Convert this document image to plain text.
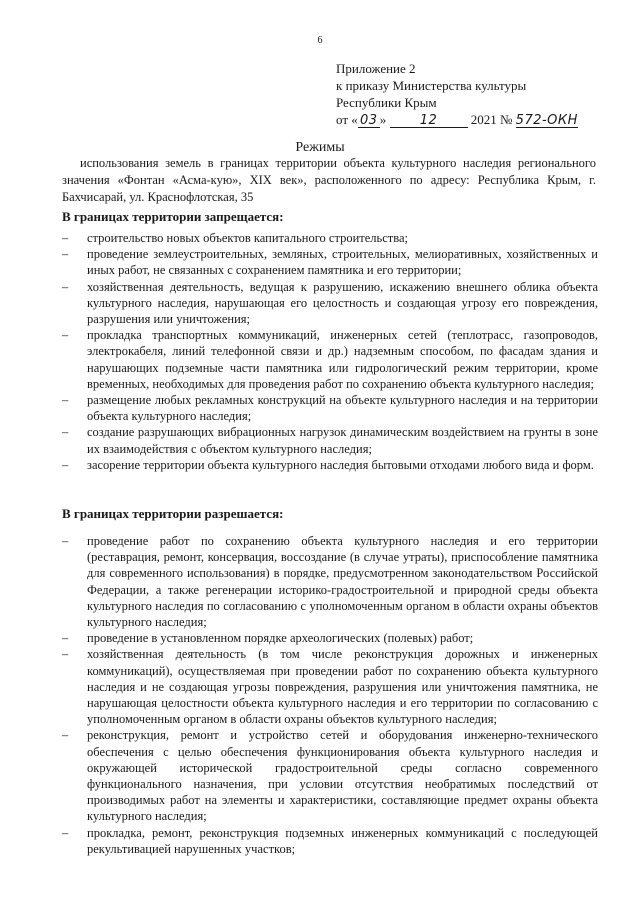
6
Приложение 2
к приказу Министерства культуры
Республики Крым
от « 03 »	12	2021 № 572-ОКН
Режимы
использования земель в границах территории объекта культурного наследия регионального значения «Фонтан «Асма-кую», XIX век», расположенного по адресу: Республика Крым, г. Бахчисарай, ул. Краснофлотская, 35
В границах территории запрещается:
– строительство новых объектов капитального строительства;
– проведение землеустроительных, земляных, строительных, мелиоративных, хозяйственных и иных работ, не связанных с сохранением памятника и его территории;
– хозяйственная деятельность, ведущая к разрушению, искажению внешнего облика объекта культурного наследия, нарушающая его целостность и создающая угрозу его повреждения, разрушения или уничтожения;
– прокладка транспортных коммуникаций, инженерных сетей (теплотрасс, газопроводов, электрокабеля, линий телефонной связи и др.) надземным способом, по фасадам здания и нарушающих подземные части памятника или гидрологический режим территории, кроме временных, необходимых для проведения работ по сохранению объекта культурного наследия;
– размещение любых рекламных конструкций на объекте культурного наследия и на территории объекта культурного наследия;
– создание разрушающих вибрационных нагрузок динамическим воздействием на грунты в зоне их взаимодействия с объектом культурного наследия;
– засорение территории объекта культурного наследия бытовыми отходами любого вида и форм.
В границах территории разрешается:
– проведение работ по сохранению объекта культурного наследия и его территории (реставрация, ремонт, консервация, воссоздание (в случае утраты), приспособление памятника для современного использования) в порядке, предусмотренном законодательством Российской Федерации, а также регенерации историко-градостроительной и природной среды объекта культурного наследия по согласованию с уполномоченным органом в области охраны объектов культурного наследия;
– проведение в установленном порядке археологических (полевых) работ;
– хозяйственная деятельность (в том числе реконструкция дорожных и инженерных коммуникаций), осуществляемая при проведении работ по сохранению объекта культурного наследия и не создающая угрозы повреждения, разрушения или уничтожения памятника, не нарушающая целостности объекта культурного наследия и его территории по согласованию с уполномоченным органом в области охраны объектов культурного наследия;
– реконструкция, ремонт и устройство сетей и оборудования инженерно-технического обеспечения с целью обеспечения функционирования объекта культурного наследия и окружающей исторической градостроительной среды согласно современного функционального назначения, при условии отсутствия необратимых последствий от производимых работ на элементы и характеристики, составляющие предмет охраны объекта культурного наследия;
– прокладка, ремонт, реконструкция подземных инженерных коммуникаций с последующей рекультивацией нарушенных участков;
